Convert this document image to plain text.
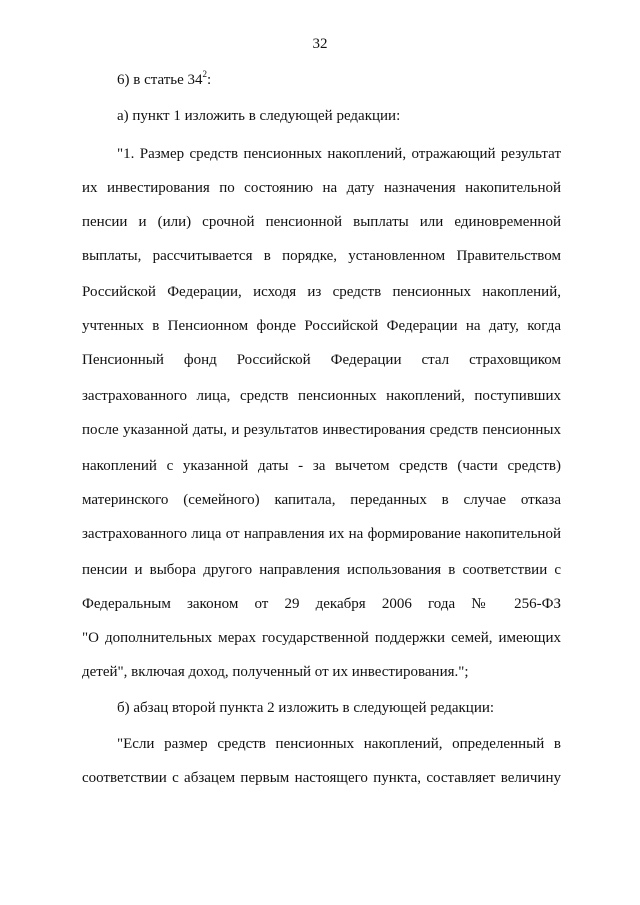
32
6) в статье $34^2$:
а) пункт 1 изложить в следующей редакции:
"1. Размер средств пенсионных накоплений, отражающий результат
их инвестирования по состоянию на дату назначения накопительной
пенсии и (или) срочной пенсионной выплаты или единовременной
выплаты, рассчитывается в порядке, установленном Правительством
Российской Федерации, исходя из средств пенсионных накоплений,
учтенных в Пенсионном фонде Российской Федерации на дату, когда
Пенсионный фонд Российской Федерации стал страховщиком
застрахованного лица, средств пенсионных накоплений, поступивших
после указанной даты, и результатов инвестирования средств пенсионных
накоплений с указанной даты - за вычетом средств (части средств)
материнского (семейного) капитала, переданных в случае отказа
застрахованного лица от направления их на формирование накопительной
пенсии и выбора другого направления использования в соответствии с
Федеральным законом от 29 декабря 2006 года № 256-ФЗ
"О дополнительных мерах государственной поддержки семей, имеющих
детей", включая доход, полученный от их инвестирования.";
б) абзац второй пункта 2 изложить в следующей редакции:
"Если размер средств пенсионных накоплений, определенный в
соответствии с абзацем первым настоящего пункта, составляет величину
